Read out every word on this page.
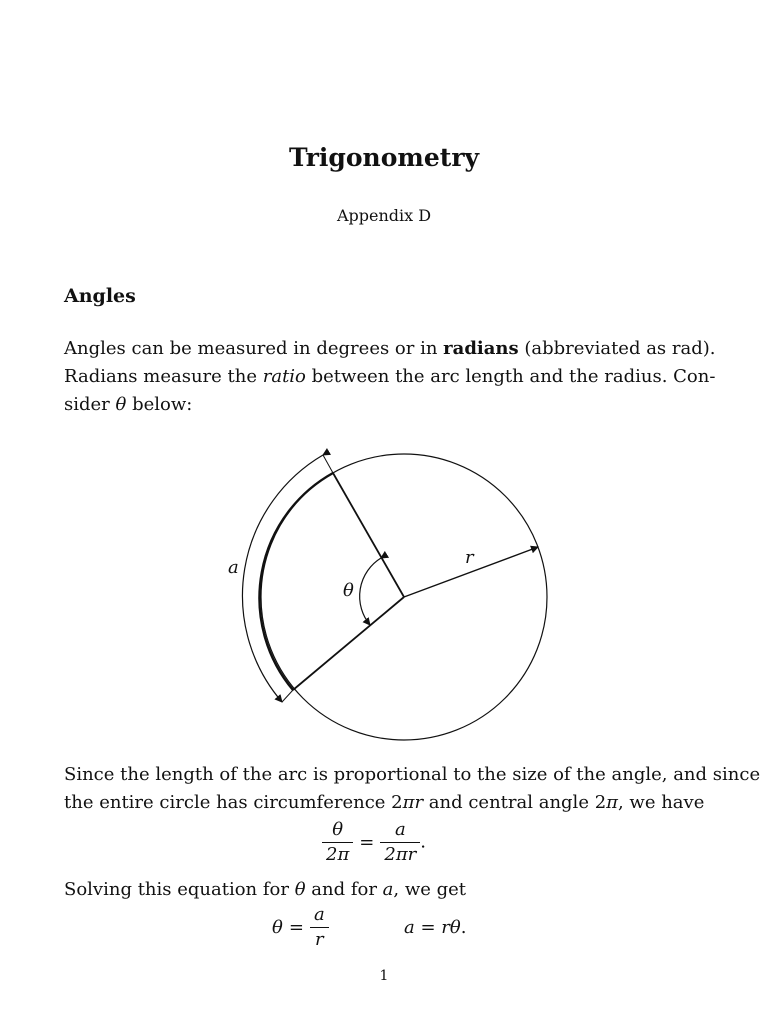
Trigonometry
Appendix D
Angles
Angles can be measured in degrees or in radians (abbreviated as rad).
Radians measure the ratio between the arc length and the radius. Con-
sider θ below:
a	r
θ
Since the length of the arc is proportional to the size of the angle, and since
the entire circle has circumference 2πr and central angle 2π, we have
$\frac{\theta}{2\pi} = \frac{a}{2\pi r}$ .
Solving this equation for θ and for a, we get
$\theta = \frac{a}{r}$	a = rθ.
1
